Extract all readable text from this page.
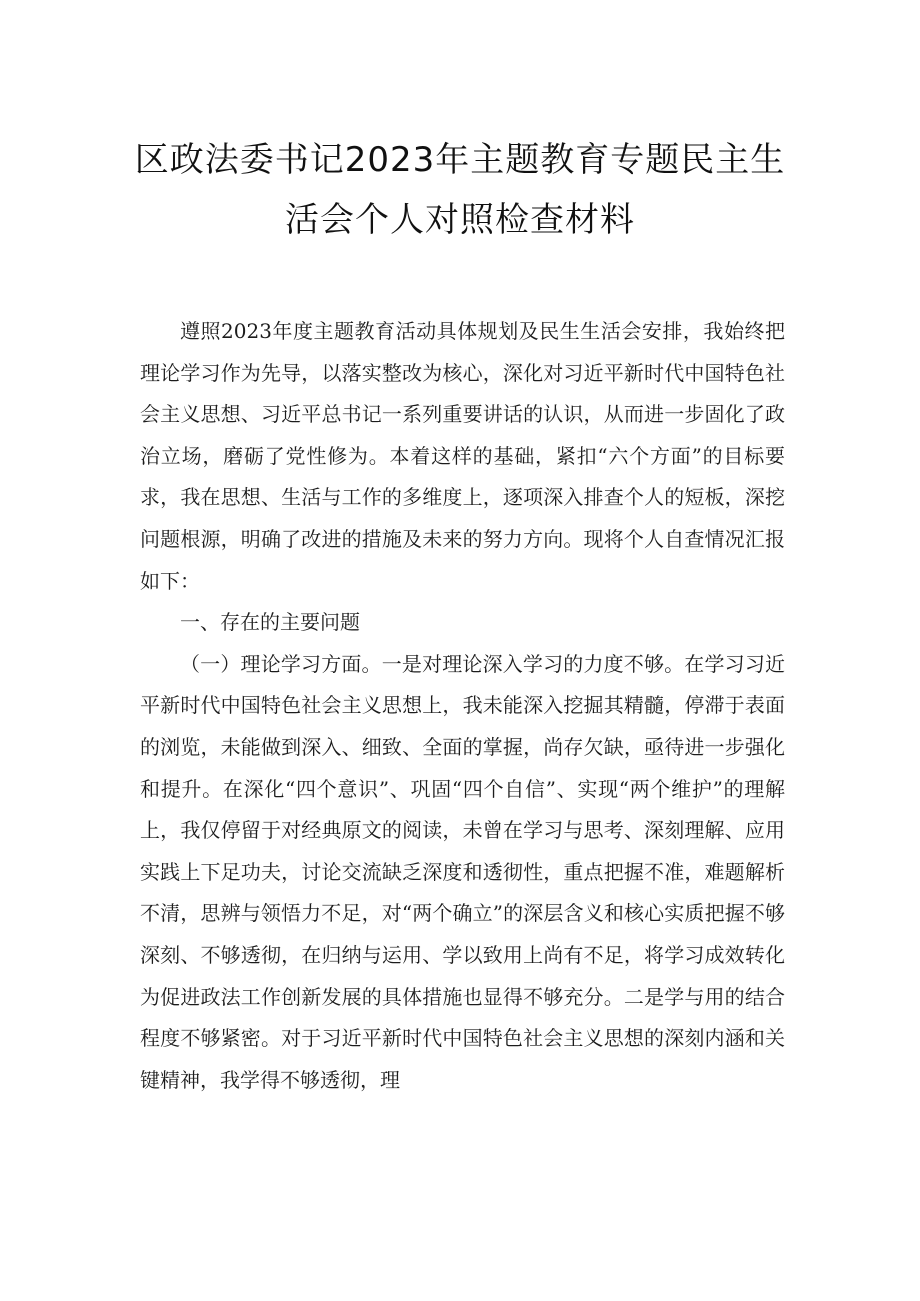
区政法委书记2023年主题教育专题民主生
活会个人对照检查材料

遵照2023年度主题教育活动具体规划及民生生活会安排，我始终把理论学习作为先导，以落实整改为核心，深化对习近平新时代中国特色社会主义思想、习近平总书记一系列重要讲话的认识，从而进一步固化了政治立场，磨砺了党性修为。本着这样的基础，紧扣“六个方面”的目标要求，我在思想、生活与工作的多维度上，逐项深入排查个人的短板，深挖问题根源，明确了改进的措施及未来的努力方向。现将个人自查情况汇报如下：

一、存在的主要问题

（一）理论学习方面。一是对理论深入学习的力度不够。在学习习近平新时代中国特色社会主义思想上，我未能深入挖掘其精髓，停滞于表面的浏览，未能做到深入、细致、全面的掌握，尚存欠缺，亟待进一步强化和提升。在深化“四个意识”、巩固“四个自信”、实现“两个维护”的理解上，我仅停留于对经典原文的阅读，未曾在学习与思考、深刻理解、应用实践上下足功夫，讨论交流缺乏深度和透彻性，重点把握不准，难题解析不清，思辨与领悟力不足，对“两个确立”的深层含义和核心实质把握不够深刻、不够透彻，在归纳与运用、学以致用上尚有不足，将学习成效转化为促进政法工作创新发展的具体措施也显得不够充分。二是学与用的结合程度不够紧密。对于习近平新时代中国特色社会主义思想的深刻内涵和关键精神，我学得不够透彻，理
